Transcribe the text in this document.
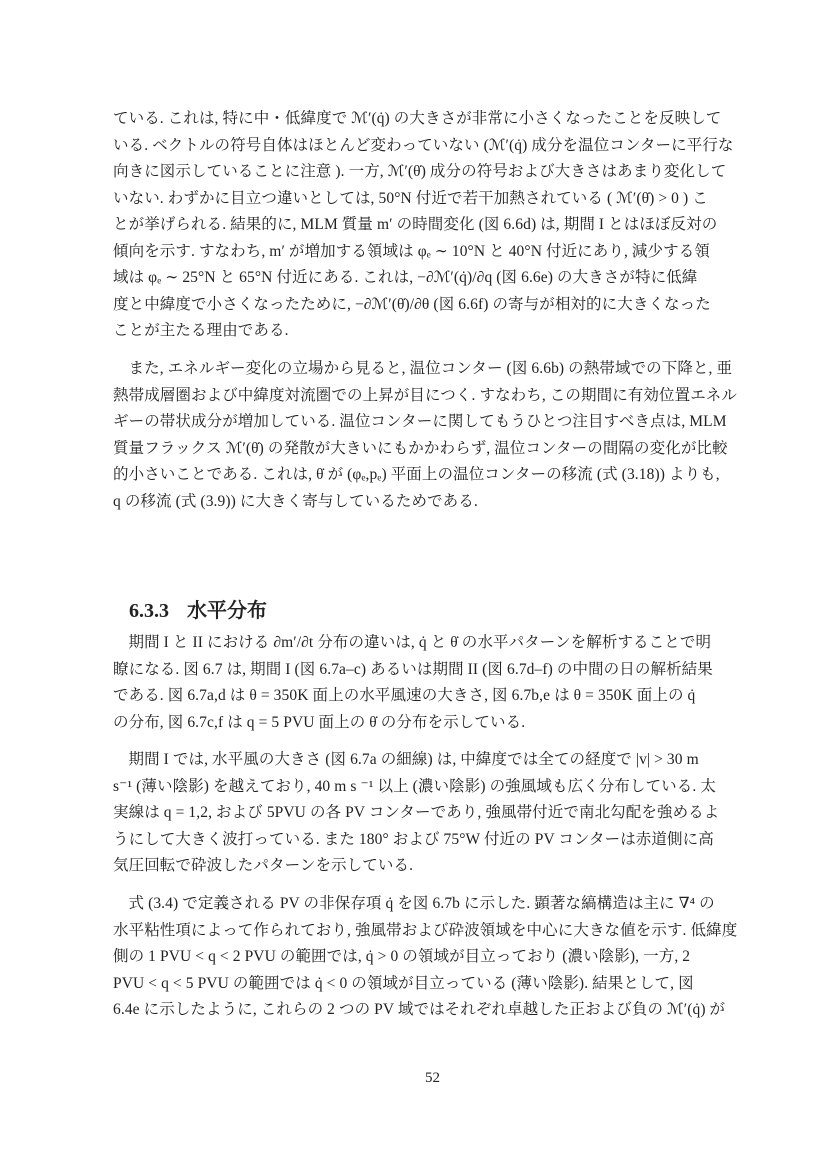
ている. これは, 特に中・低緯度で ℳ′(q̇) の大きさが非常に小さくなったことを反映して
いる. ベクトルの符号自体はほとんど変わっていない (ℳ′(q̇) 成分を温位コンターに平行な
向きに図示していることに注意 ). 一方, ℳ′(θ̇) 成分の符号および大きさはあまり変化して
いない. わずかに目立つ違いとしては, 50°N 付近で若干加熱されている ( ℳ′(θ̇) > 0 ) こ
とが挙げられる. 結果的に, MLM 質量 m′ の時間変化 (図 6.6d) は, 期間 I とはほぼ反対の
傾向を示す. すなわち, m′ が増加する領域は φₑ ∼ 10°N と 40°N 付近にあり, 減少する領
域は φₑ ∼ 25°N と 65°N 付近にある. これは, −∂ℳ′(q̇)/∂q (図 6.6e) の大きさが特に低緯
度と中緯度で小さくなったために, −∂ℳ′(θ̇)/∂θ (図 6.6f) の寄与が相対的に大きくなった
ことが主たる理由である.
また, エネルギー変化の立場から見ると, 温位コンター (図 6.6b) の熱帯域での下降と, 亜
熱帯成層圏および中緯度対流圏での上昇が目につく. すなわち, この期間に有効位置エネル
ギーの帯状成分が増加している. 温位コンターに関してもうひとつ注目すべき点は, MLM
質量フラックス ℳ′(θ̇) の発散が大きいにもかかわらず, 温位コンターの間隔の変化が比較
的小さいことである. これは, θ̇ が (φₑ,pₑ) 平面上の温位コンターの移流 (式 (3.18)) よりも,
q の移流 (式 (3.9)) に大きく寄与しているためである.

6.3.3 水平分布

期間 I と II における ∂m′/∂t 分布の違いは, q̇ と θ̇ の水平パターンを解析することで明
瞭になる. 図 6.7 は, 期間 I (図 6.7a–c) あるいは期間 II (図 6.7d–f) の中間の日の解析結果
である. 図 6.7a,d は θ = 350K 面上の水平風速の大きさ, 図 6.7b,e は θ = 350K 面上の q̇
の分布, 図 6.7c,f は q = 5 PVU 面上の θ̇ の分布を示している.
期間 I では, 水平風の大きさ (図 6.7a の細線) は, 中緯度では全ての経度で |v| > 30 m
s⁻¹ (薄い陰影) を越えており, 40 m s ⁻¹ 以上 (濃い陰影) の強風域も広く分布している. 太
実線は q = 1,2, および 5PVU の各 PV コンターであり, 強風帯付近で南北勾配を強めるよ
うにして大きく波打っている. また 180° および 75°W 付近の PV コンターは赤道側に高
気圧回転で砕波したパターンを示している.
式 (3.4) で定義される PV の非保存項 q̇ を図 6.7b に示した. 顕著な縞構造は主に ∇⁴ の
水平粘性項によって作られており, 強風帯および砕波領域を中心に大きな値を示す. 低緯度
側の 1 PVU < q < 2 PVU の範囲では, q̇ > 0 の領域が目立っており (濃い陰影), 一方, 2
PVU < q < 5 PVU の範囲では q̇ < 0 の領域が目立っている (薄い陰影). 結果として, 図
6.4e に示したように, これらの 2 つの PV 域ではそれぞれ卓越した正および負の ℳ′(q̇) が
52
